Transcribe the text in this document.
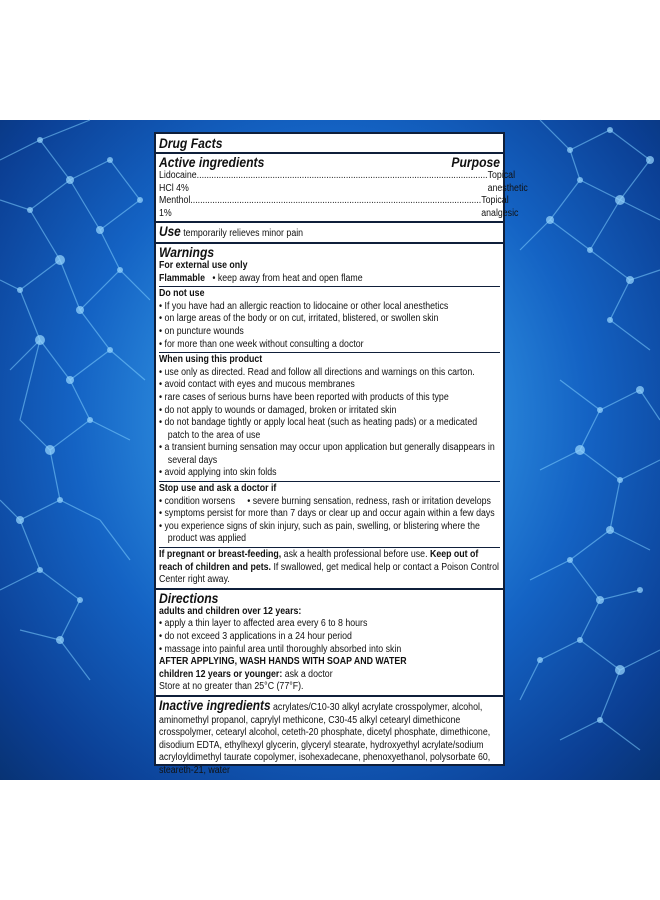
Drug Facts
Active ingredients	Purpose
Lidocaine HCl 4%
....................................................................................................................... Topical anesthetic
Menthol 1%
....................................................................................................................... Topical analgesic
Use temporarily relieves minor pain
Warnings
For external use only
Flammable • keep away from heat and open flame
Do not use
• If you have had an allergic reaction to lidocaine or other local anesthetics
• on large areas of the body or on cut, irritated, blistered, or swollen skin
• on puncture wounds
• for more than one week without consulting a doctor
When using this product
• use only as directed. Read and follow all directions and warnings on this carton.
• avoid contact with eyes and mucous membranes
• rare cases of serious burns have been reported with products of this type
• do not apply to wounds or damaged, broken or irritated skin
• do not bandage tightly or apply local heat (such as heating pads) or a medicated
patch to the area of use
• a transient burning sensation may occur upon application but generally disappears in
several days
• avoid applying into skin folds
Stop use and ask a doctor if
• condition worsens     • severe burning sensation, redness, rash or irritation develops
• symptoms persist for more than 7 days or clear up and occur again within a few days
• you experience signs of skin injury, such as pain, swelling, or blistering where the
product was applied
If pregnant or breast-feeding, ask a health professional before use. Keep out of reach of children and pets. If swallowed, get medical help or contact a Poison Control Center right away.
Directions
adults and children over 12 years:
• apply a thin layer to affected area every 6 to 8 hours
• do not exceed 3 applications in a 24 hour period
• massage into painful area until thoroughly absorbed into skin
AFTER APPLYING, WASH HANDS WITH SOAP AND WATER
children 12 years or younger: ask a doctor
Store at no greater than 25°C (77°F).
Inactive ingredients acrylates/C10-30 alkyl acrylate crosspolymer, alcohol, aminomethyl propanol, caprylyl methicone, C30-45 alkyl cetearyl dimethicone crosspolymer, cetearyl alcohol, ceteth-20 phosphate, dicetyl phosphate, dimethicone, disodium EDTA, ethylhexyl glycerin, glyceryl stearate, hydroxyethyl acrylate/sodium acryloyldimethyl taurate copolymer, isohexadecane, phenoxyethanol, polysorbate 60, steareth-21, water
